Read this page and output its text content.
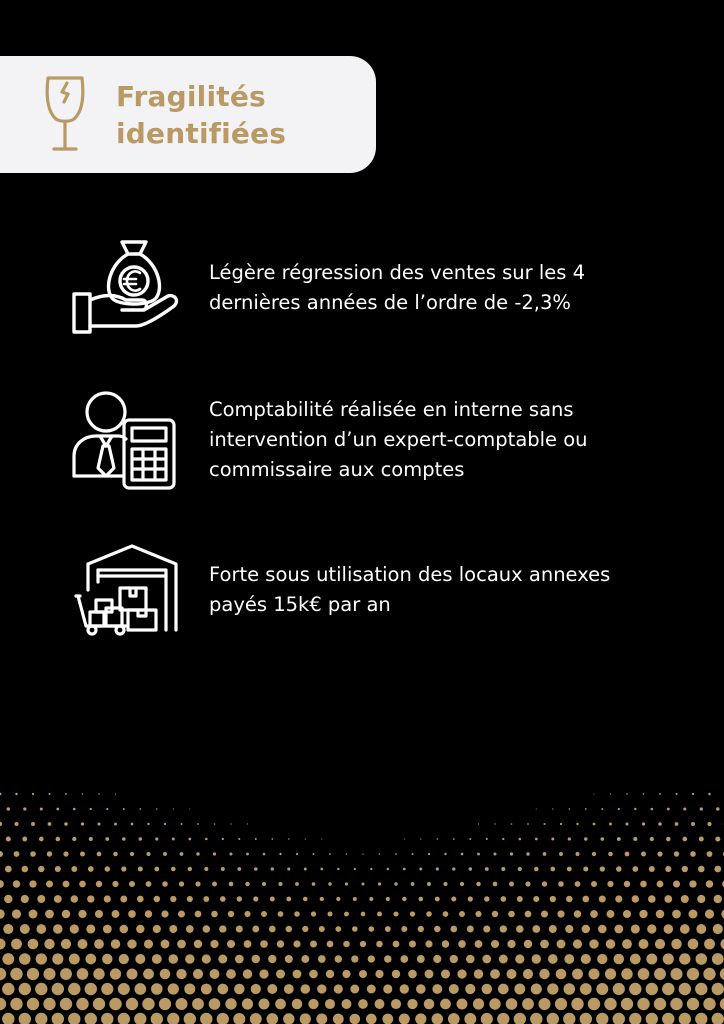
Fragilités
identifiées
Légère régression des ventes sur les 4
dernières années de l’ordre de -2,3%
Comptabilité réalisée en interne sans
intervention d’un expert-comptable ou
commissaire aux comptes
Forte sous utilisation des locaux annexes
payés 15k€ par an
